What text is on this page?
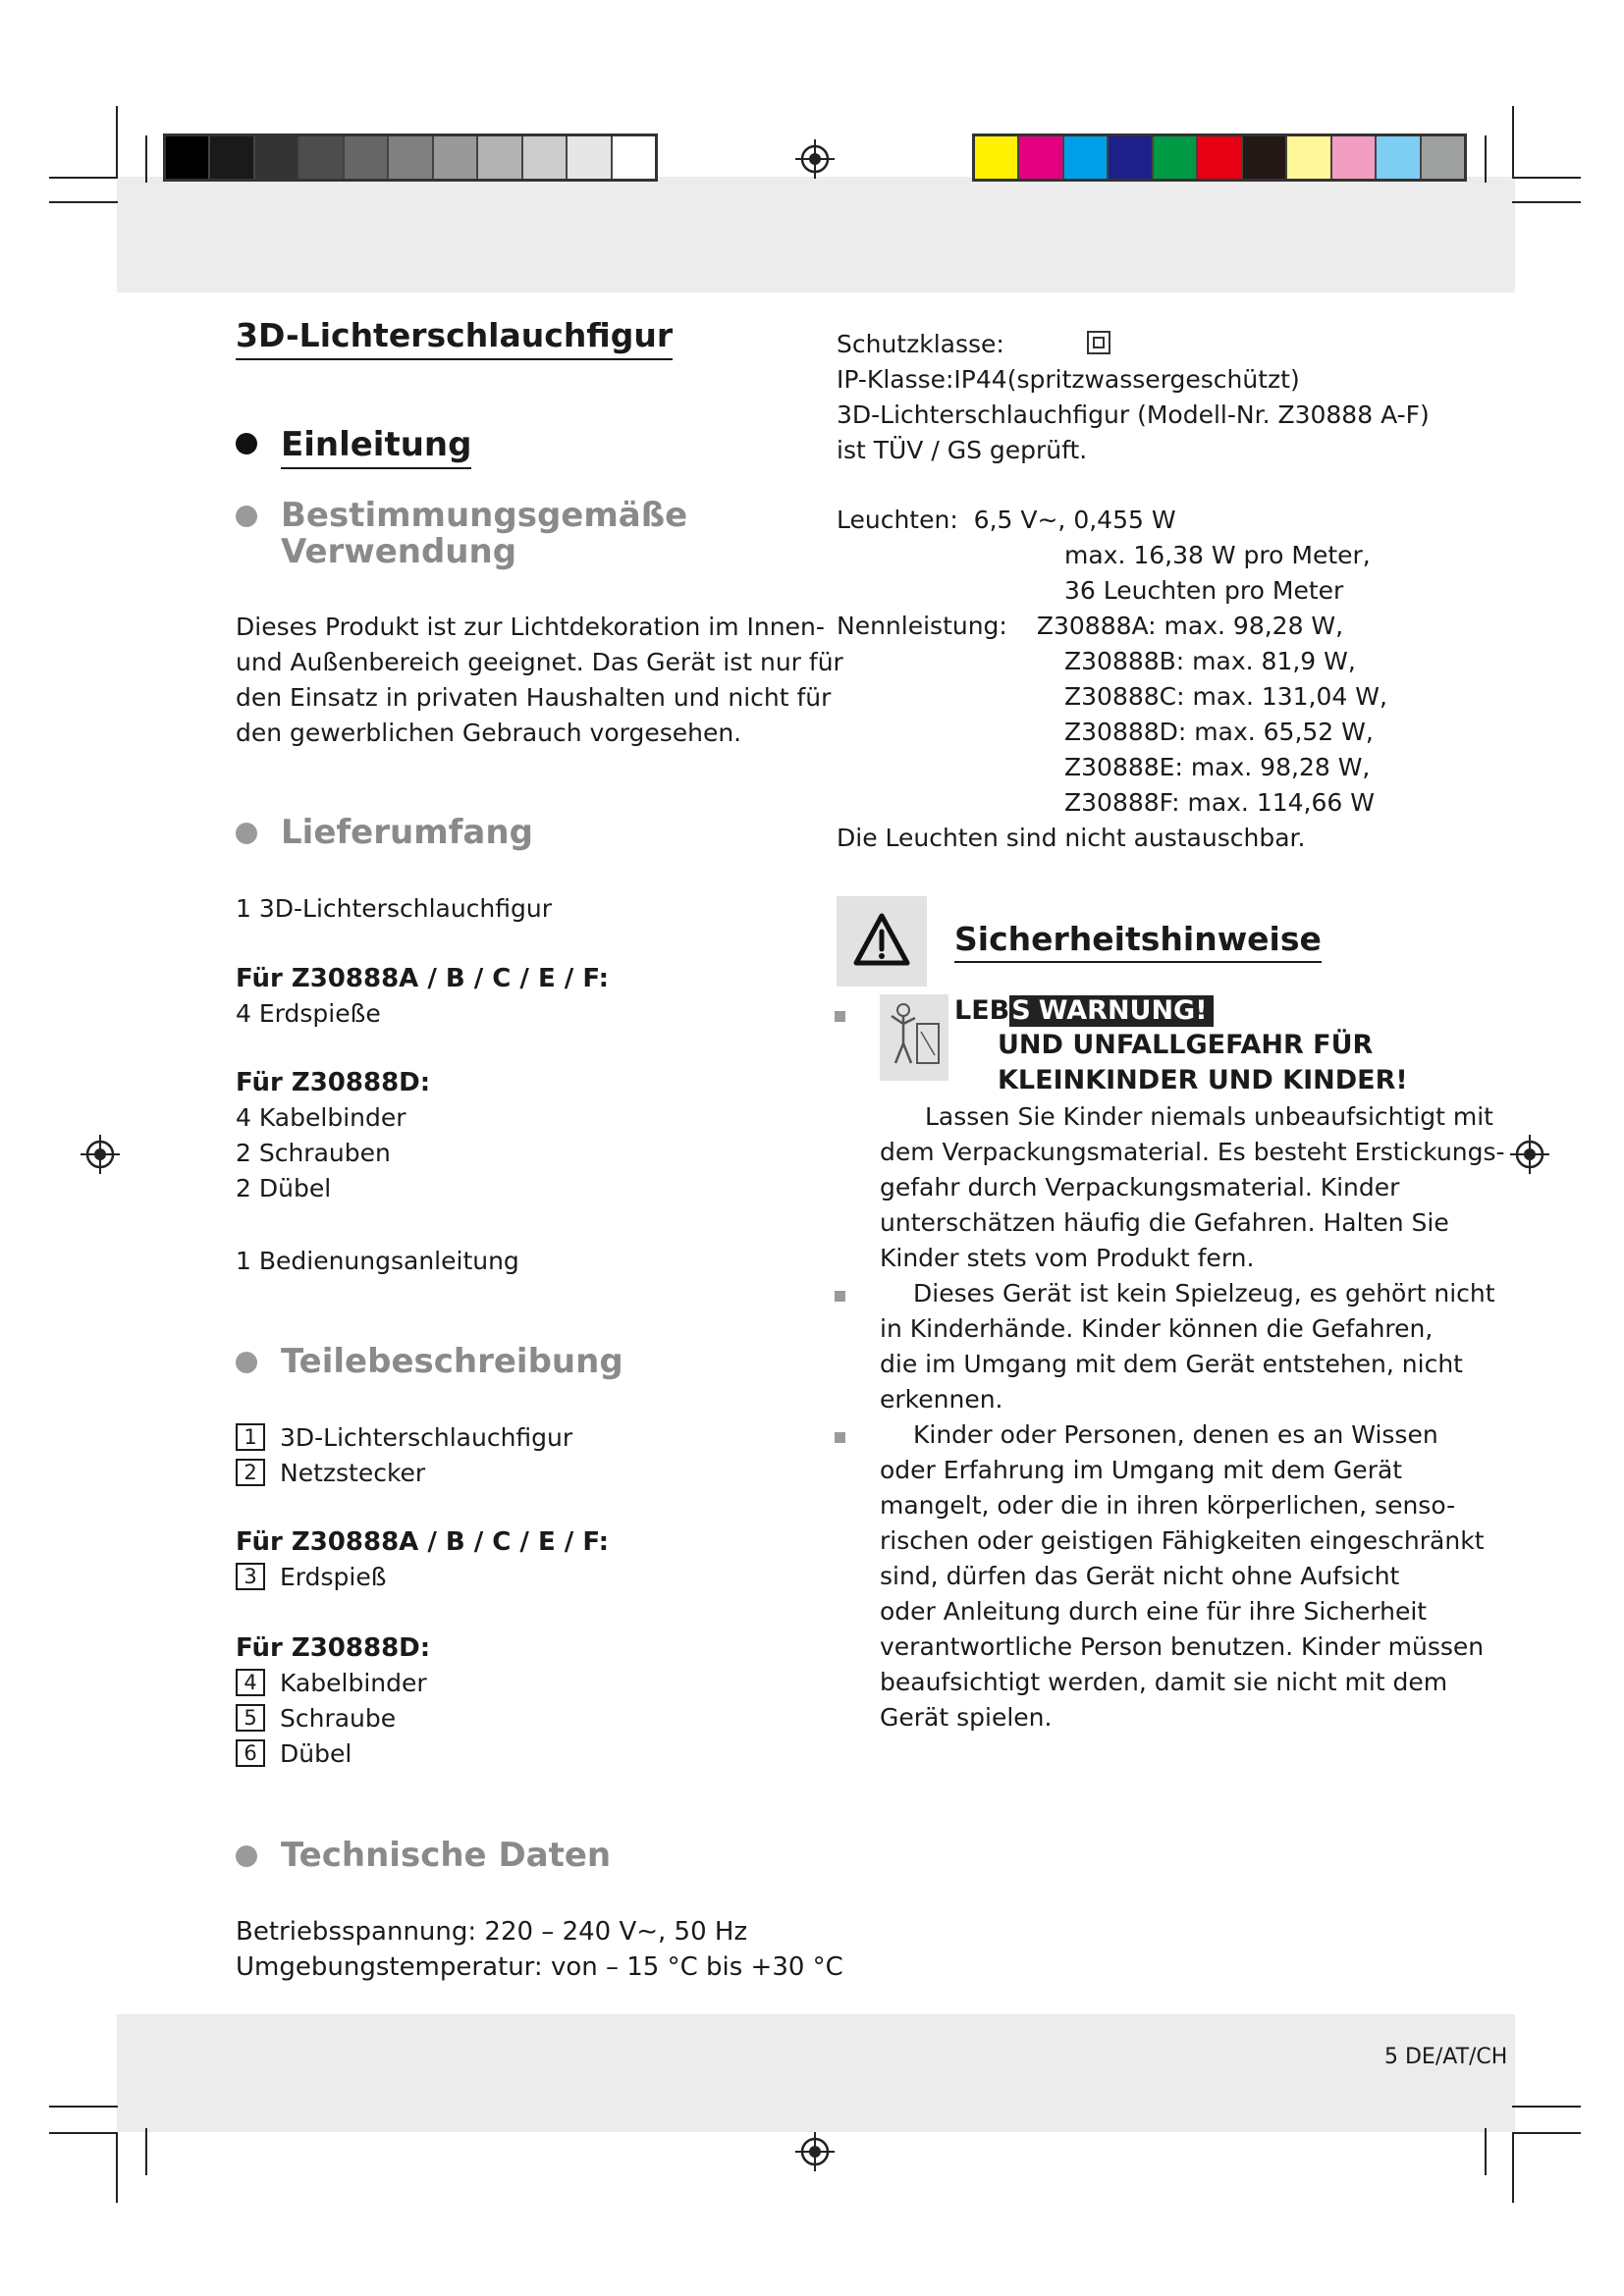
3D-Lichterschlauchfigur
Einleitung
Bestimmungsgemäße
Verwendung
Dieses Produkt ist zur Lichtdekoration im Innen-
und Außenbereich geeignet. Das Gerät ist nur für
den Einsatz in privaten Haushalten und nicht für
den gewerblichen Gebrauch vorgesehen.
Lieferumfang
1 3D-Lichterschlauchfigur
Für Z30888A / B / C / E / F:
4 Erdspieße
Für Z30888D:
4 Kabelbinder
2 Schrauben
2 Dübel
1 Bedienungsanleitung
Teilebeschreibung
1 3D-Lichterschlauchfigur
2 Netzstecker
Für Z30888A / B / C / E / F:
3 Erdspieß
Für Z30888D:
4 Kabelbinder
5 Schraube
6 Dübel
Technische Daten
Betriebsspannung: 220 – 240 V∼, 50 Hz
Umgebungstemperatur: von – 15 °C bis +30 °C
Schutzklasse:
IP-Klasse:IP44(spritzwassergeschützt)
3D-Lichterschlauchfigur (Modell-Nr. Z30888 A-F)
ist TÜV / GS geprüft.
Leuchten: 6,5 V∼, 0,455 W
max. 16,38 W pro Meter,
36 Leuchten pro Meter
Nennleistung: Z30888A: max. 98,28 W,
Z30888B: max. 81,9 W,
Z30888C: max. 131,04 W,
Z30888D: max. 65,52 W,
Z30888E: max. 98,28 W,
Z30888F: max. 114,66 W
Die Leuchten sind nicht austauschbar.
Sicherheitshinweise
LEBS WARNUNG!
UND UNFALLGEFAHR FÜR
KLEINKINDER UND KINDER!
Lassen Sie Kinder niemals unbeaufsichtigt mit
dem Verpackungsmaterial. Es besteht Erstickungs-
gefahr durch Verpackungsmaterial. Kinder
unterschätzen häufig die Gefahren. Halten Sie
Kinder stets vom Produkt fern.
Dieses Gerät ist kein Spielzeug, es gehört nicht
in Kinderhände. Kinder können die Gefahren,
die im Umgang mit dem Gerät entstehen, nicht
erkennen.
Kinder oder Personen, denen es an Wissen
oder Erfahrung im Umgang mit dem Gerät
mangelt, oder die in ihren körperlichen, senso-
rischen oder geistigen Fähigkeiten eingeschränkt
sind, dürfen das Gerät nicht ohne Aufsicht
oder Anleitung durch eine für ihre Sicherheit
verantwortliche Person benutzen. Kinder müssen
beaufsichtigt werden, damit sie nicht mit dem
Gerät spielen.
5 DE/AT/CH
